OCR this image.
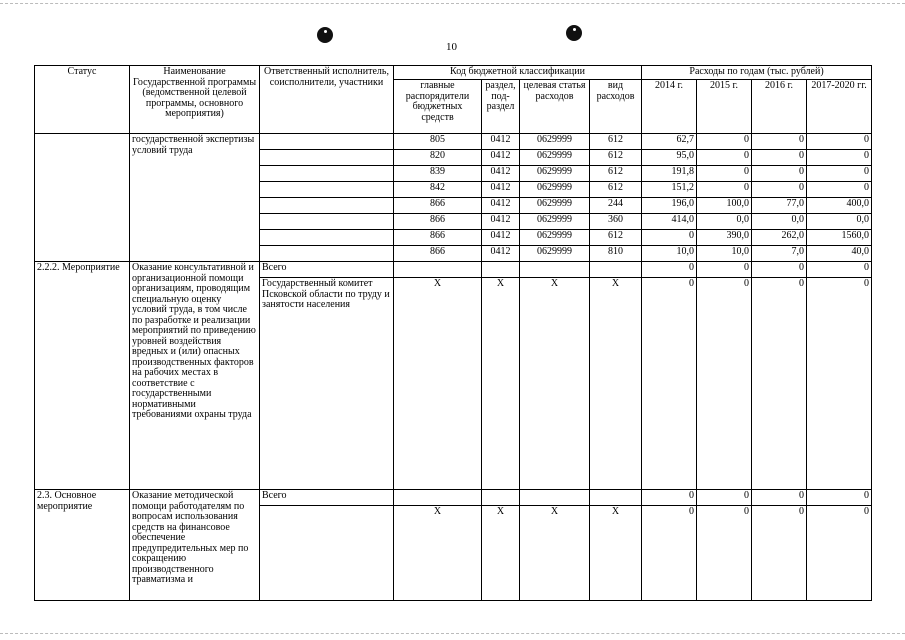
10
Статус	Наименование Государственной программы (ведомственной целевой программы, основного мероприятия)	Ответственный исполнитель, соисполнители, участники	Код бюджетной классификации				Расходы по годам (тыс. рублей)			
			главные распорядители бюджетных средств	раздел, под-раздел	целевая статья расходов	вид расходов	2014 г.	2015 г.	2016 г.	2017-2020 гг.
	государственной экспертизы условий труда		805	0412	0629999	612	62,7	0	0	0
			820	0412	0629999	612	95,0	0	0	0
			839	0412	0629999	612	191,8	0	0	0
			842	0412	0629999	612	151,2	0	0	0
			866	0412	0629999	244	196,0	100,0	77,0	400,0
			866	0412	0629999	360	414,0	0,0	0,0	0,0
			866	0412	0629999	612	0	390,0	262,0	1560,0
			866	0412	0629999	810	10,0	10,0	7,0	40,0
2.2.2. Мероприятие	Оказание консультативной и организационной помощи организациям, проводящим специальную оценку условий труда, в том числе по разработке и реализации мероприятий по приведению уровней воздействия вредных и (или) опасных производственных факторов на рабочих местах в соответствие с государственными нормативными требованиями охраны труда	Всего					0	0	0	0
		Государственный комитет Псковской области по труду и занятости населения	X	X	X	X	0	0	0	0
2.3. Основное мероприятие	Оказание методической помощи работодателям по вопросам использования средств на финансовое обеспечение предупредительных мер по сокращению производственного травматизма и	Всего					0	0	0	0
			X	X	X	X	0	0	0	0
